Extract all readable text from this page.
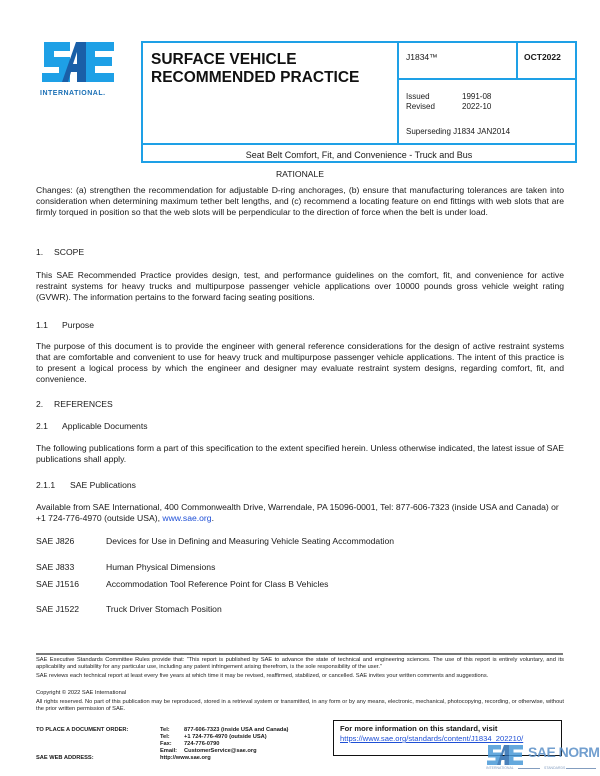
INTERNATIONAL.
SURFACE VEHICLE
RECOMMENDED PRACTICE
J1834™	OCT2022
Issued	1991-08
Revised	2022-10
Superseding J1834 JAN2014
Seat Belt Comfort, Fit, and Convenience - Truck and Bus
RATIONALE
Changes: (a) strengthen the recommendation for adjustable D-ring anchorages, (b) ensure that manufacturing tolerances are taken into consideration when determining maximum tether belt lengths, and (c) recommend a locating feature on end fittings with web slots that are firmly torqued in position so that the web slots will be perpendicular to the direction of force when the belt is under load.
1. SCOPE
This SAE Recommended Practice provides design, test, and performance guidelines on the comfort, fit, and convenience for active restraint systems for heavy trucks and multipurpose passenger vehicle applications over 10000 pounds gross vehicle weight rating (GVWR). The information pertains to the forward facing seating positions.
1.1 Purpose
The purpose of this document is to provide the engineer with general reference considerations for the design of active restraint systems that are comfortable and convenient to use for heavy truck and multipurpose passenger vehicle applications. The intent of this practice is to present a logical process by which the engineer and designer may evaluate restraint system designs, regarding comfort, fit, and convenience.
2. REFERENCES
2.1 Applicable Documents
The following publications form a part of this specification to the extent specified herein. Unless otherwise indicated, the latest issue of SAE publications shall apply.
2.1.1 SAE Publications
Available from SAE International, 400 Commonwealth Drive, Warrendale, PA 15096-0001, Tel: 877-606-7323 (inside USA and Canada) or +1 724-776-4970 (outside USA), www.sae.org.
SAE J826	Devices for Use in Defining and Measuring Vehicle Seating Accommodation
SAE J833	Human Physical Dimensions
SAE J1516	Accommodation Tool Reference Point for Class B Vehicles
SAE J1522	Truck Driver Stomach Position
SAE Executive Standards Committee Rules provide that: “This report is published by SAE to advance the state of technical and engineering sciences. The use of this report is entirely voluntary, and its applicability and suitability for any particular use, including any patent infringement arising therefrom, is the sole responsibility of the user.”
SAE reviews each technical report at least every five years at which time it may be revised, reaffirmed, stabilized, or cancelled. SAE invites your written comments and suggestions.
Copyright © 2022 SAE International
All rights reserved. No part of this publication may be reproduced, stored in a retrieval system or transmitted, in any form or by any means, electronic, mechanical, photocopying, recording, or otherwise, without the prior written permission of SAE.
TO PLACE A DOCUMENT ORDER:
SAE WEB ADDRESS:
Tel:	877-606-7323 (inside USA and Canada)
Tel:	+1 724-776-4970 (outside USA)
Fax: 724-776-0790
Email: CustomerService@sae.org
http://www.sae.org
For more information on this standard, visit
https://www.sae.org/standards/content/J1834_202210/
SAE NORM
INTERNATIONAL	STANDARDS
